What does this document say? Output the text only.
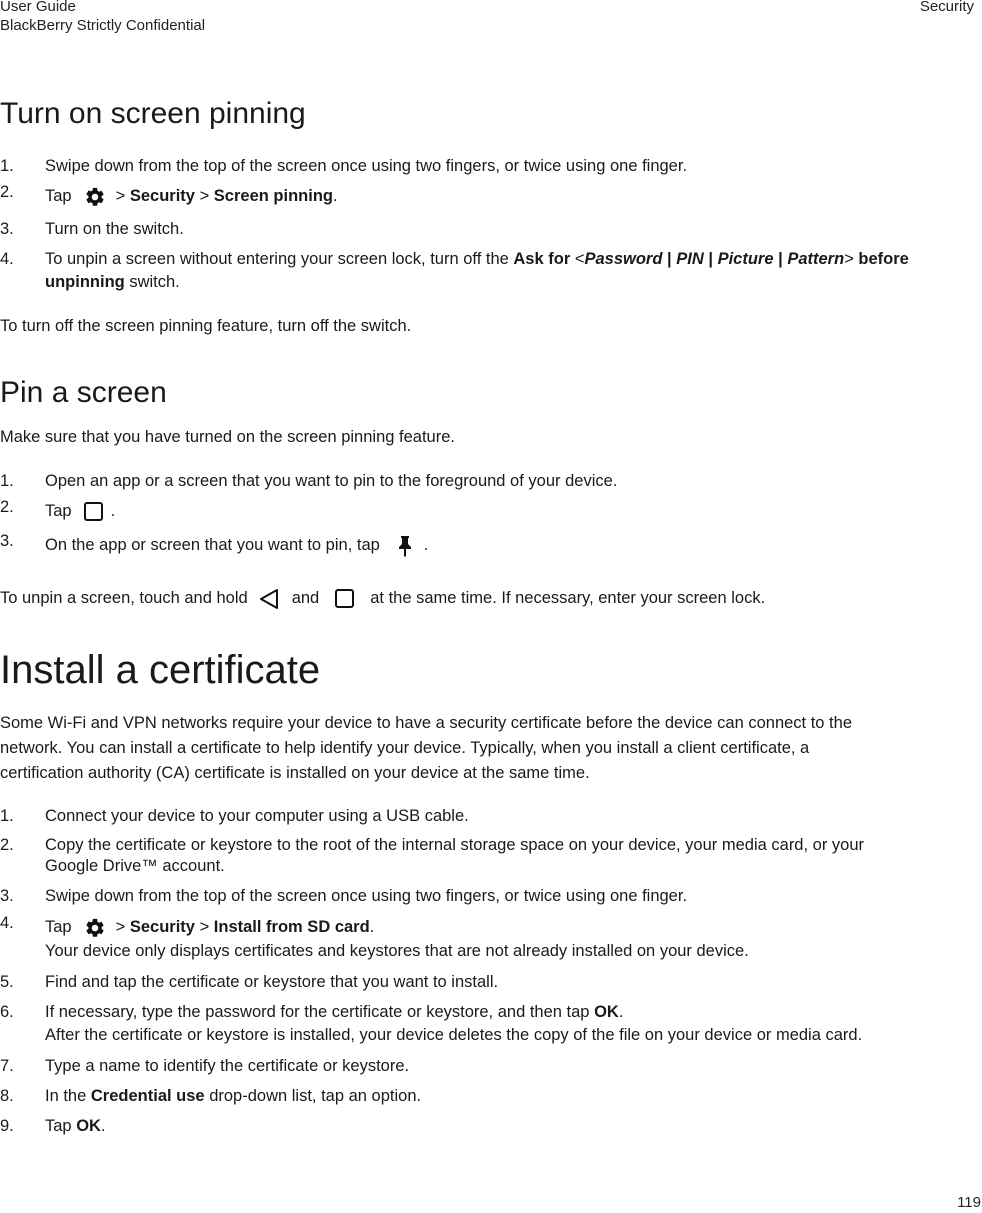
User Guide
BlackBerry Strictly Confidential
Security
Turn on screen pinning
1. Swipe down from the top of the screen once using two fingers, or twice using one finger.
2. Tap	> Security > Screen pinning.
3. Turn on the switch.
4. To unpin a screen without entering your screen lock, turn off the Ask for <Password | PIN | Picture | Pattern> before unpinning switch.

To turn off the screen pinning feature, turn off the switch.

Pin a screen

Make sure that you have turned on the screen pinning feature.

1. Open an app or a screen that you want to pin to the foreground of your device.
2. Tap .
3. On the app or screen that you want to pin, tap	.

To unpin a screen, touch and hold	and	at the same time. If necessary, enter your screen lock.

Install a certificate

Some Wi-Fi and VPN networks require your device to have a security certificate before the device can connect to the
network. You can install a certificate to help identify your device. Typically, when you install a client certificate, a
certification authority (CA) certificate is installed on your device at the same time.

1. Connect your device to your computer using a USB cable.
2. Copy the certificate or keystore to the root of the internal storage space on your device, your media card, or your
Google Drive™ account.
3. Swipe down from the top of the screen once using two fingers, or twice using one finger.
4. Tap	> Security > Install from SD card.
Your device only displays certificates and keystores that are not already installed on your device.
5. Find and tap the certificate or keystore that you want to install.
6. If necessary, type the password for the certificate or keystore, and then tap OK.
After the certificate or keystore is installed, your device deletes the copy of the file on your device or media card.
7. Type a name to identify the certificate or keystore.
8. In the Credential use drop-down list, tap an option.
9. Tap OK.
119
